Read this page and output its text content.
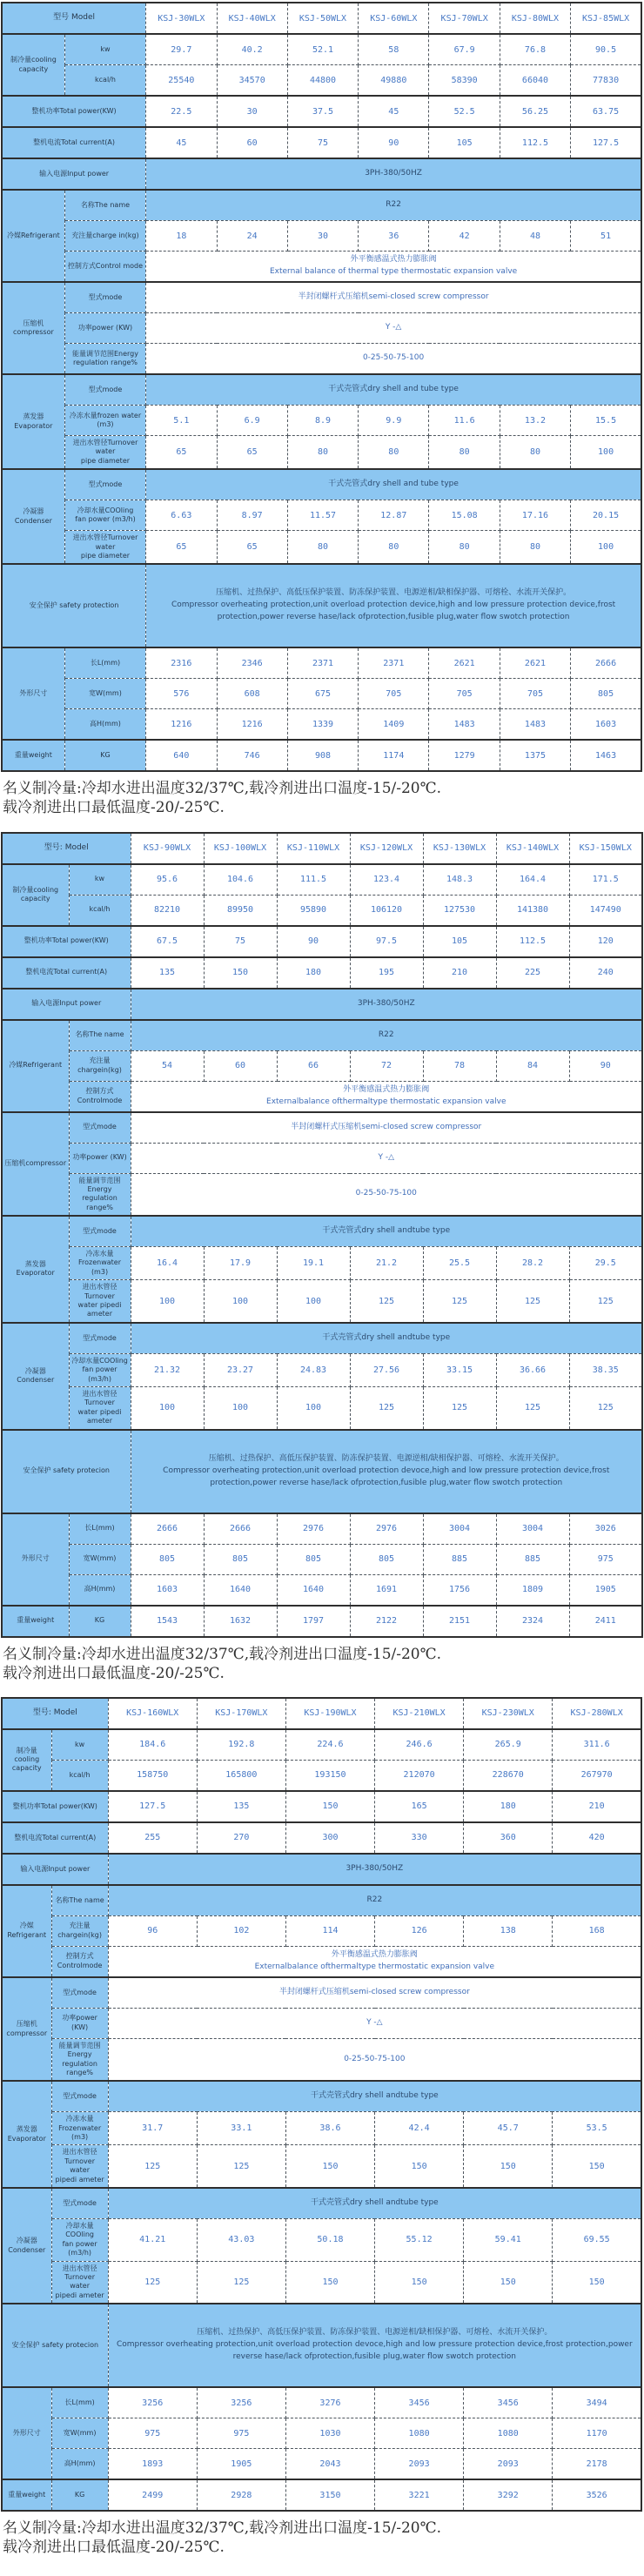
型号 Model		KSJ-30WLX	KSJ-40WLX	KSJ-50WLX	KSJ-60WLX	KSJ-70WLX	KSJ-80WLX	KSJ-85WLX
制冷量cooling
capacity	kw	29.7	40.2	52.1	58	67.9	76.8	90.5
	kcal/h	25540	34570	44800	49880	58390	66040	77830
整机功率Total power(KW)		22.5	30	37.5	45	52.5	56.25	63.75
整机电流Total current(A)		45	60	75	90	105	112.5	127.5
输入电源Input power		3PH-380/50HZ						
冷媒Refrigerant	名称The name	R22						
	充注量charge in(kg)	18	24	30	36	42	48	51
	控制方式Control mode	外平衡感温式热力膨胀阀
External balance of thermal type thermostatic expansion valve						
压缩机compressor	型式mode	半封闭螺杆式压缩机semi-closed screw compressor						
	功率power (KW)	Y -△						
	能量调节范围Energy
regulation range%	0-25-50-75-100						
蒸发器
Evaporator	型式mode	干式壳管式dry shell and tube type						
	冷冻水量frozen water (m3)	5.1	6.9	8.9	9.9	11.6	13.2	15.5
	进出水管径Turnover water
pipe diameter	65	65	80	80	80	80	100
冷凝器
Condenser	型式mode	干式壳管式dry shell and tube type						
	冷却水量COOling
fan power (m3/h)	6.63	8.97	11.57	12.87	15.08	17.16	20.15
	进出水管径Turnover water
pipe diameter	65	65	80	80	80	80	100
安全保护 safety protection		压缩机、过热保护、高低压保护装置、防冻保护装置、电源逆相/缺相保护器、可熔栓、水流开关保护。
Compressor overheating protection,unit overload protection device,high and low pressure protection device,frost protection,power reverse hase/lack ofprotection,fusible plug,water flow swotch protection						
外形尺寸	长L(mm)	2316	2346	2371	2371	2621	2621	2666
	宽W(mm)	576	608	675	705	705	705	805
	高H(mm)	1216	1216	1339	1409	1483	1483	1603
重量weight	KG	640	746	908	1174	1279	1375	1463

名义制冷量:冷却水进出温度32/37℃,载冷剂进出口温度-15/-20℃.
载冷剂进出口最低温度-20/-25℃.

型号: Model		KSJ-90WLX	KSJ-100WLX	KSJ-110WLX	KSJ-120WLX	KSJ-130WLX	KSJ-140WLX	KSJ-150WLX
制冷量cooling
capacity	kw	95.6	104.6	111.5	123.4	148.3	164.4	171.5
	kcal/h	82210	89950	95890	106120	127530	141380	147490
整机功率Total power(KW)		67.5	75	90	97.5	105	112.5	120
整机电流Total current(A)		135	150	180	195	210	225	240
输入电源Input power		3PH-380/50HZ						
冷媒Refrigerant	名称The name	R22						
	充注量chargein(kg)	54	60	66	72	78	84	90
	控制方式Controlmode	外平衡感温式热力膨胀阀
Externalbalance ofthermaltype thermostatic expansion valve						
压缩机compressor	型式mode	半封闭螺杆式压缩机semi-closed screw compressor						
	功率power (KW)	Y -△						
	能量调节范围
Energy
regulation
range%	0-25-50-75-100						
蒸发器
Evaporator	型式mode	干式壳管式dry shell andtube type						
	冷冻水量
Frozenwater (m3)	16.4	17.9	19.1	21.2	25.5	28.2	29.5
	进出水管径Turnover
water pipedi
ameter	100	100	100	125	125	125	125
冷凝器
Condenser	型式mode	干式壳管式dry shell andtube type						
	冷却水量COOling
fan power (m3/h)	21.32	23.27	24.83	27.56	33.15	36.66	38.35
	进出水管径Turnover
water pipedi
ameter	100	100	100	125	125	125	125
安全保护 safety protecion		压缩机、过热保护、高低压保护装置、防冻保护装置、电源逆相/缺相保护器、可熔栓、水流开关保护。
Compressor overheating protection,unit overload protection devoce,high and low pressure protection device,frost protection,power reverse hase/lack ofprotection,fusible plug,water flow swotch protection						
外形尺寸	长L(mm)	2666	2666	2976	2976	3004	3004	3026
	宽W(mm)	805	805	805	805	885	885	975
	高H(mm)	1603	1640	1640	1691	1756	1809	1905
重量weight	KG	1543	1632	1797	2122	2151	2324	2411

名义制冷量:冷却水进出温度32/37℃,载冷剂进出口温度-15/-20℃.
载冷剂进出口最低温度-20/-25℃.

型号: Model		KSJ-160WLX	KSJ-170WLX	KSJ-190WLX	KSJ-210WLX	KSJ-230WLX	KSJ-280WLX
制冷量
cooling
capacity	kw	184.6	192.8	224.6	246.6	265.9	311.6
	kcal/h	158750	165800	193150	212070	228670	267970
整机功率Total power(KW)		127.5	135	150	165	180	210
整机电流Total current(A)		255	270	300	330	360	420
输入电源Input power		3PH-380/50HZ					
冷媒
Refrigerant	名称The name	R22					
	充注量
chargein(kg)	96	102	114	126	138	168
	控制方式
Controlmode	外平衡感温式热力膨胀阀
Externalbalance ofthermaltype thermostatic expansion valve					
压缩机
compressor	型式mode	半封闭螺杆式压缩机semi-closed screw compressor					
	功率power
(KW)	Y -△					
	能量调节范围
Energy
regulation
range%	0-25-50-75-100					
蒸发器
Evaporator	型式mode	干式壳管式dry shell andtube type					
	冷冻水量
Frozenwater
(m3)	31.7	33.1	38.6	42.4	45.7	53.5
	进出水管径
Turnover water
pipedi ameter	125	125	150	150	150	150
冷凝器
Condenser	型式mode	干式壳管式dry shell andtube type					
	冷却水量COOling
fan power
(m3/h)	41.21	43.03	50.18	55.12	59.41	69.55
	进出水管径
Turnover water
pipedi ameter	125	125	150	150	150	150
安全保护 safety protecion		压缩机、过热保护、高低压保护装置、防冻保护装置、电源逆相/缺相保护器、可熔栓、水流开关保护。
Compressor overheating protection,unit overload protection devoce,high and low pressure protection device,frost protection,power reverse hase/lack ofprotection,fusible plug,water flow swotch protection					
外形尺寸	长L(mm)	3256	3256	3276	3456	3456	3494
	宽W(mm)	975	975	1030	1080	1080	1170
	高H(mm)	1893	1905	2043	2093	2093	2178
重量weight	KG	2499	2928	3150	3221	3292	3526

名义制冷量:冷却水进出温度32/37℃,载冷剂进出口温度-15/-20℃.
载冷剂进出口最低温度-20/-25℃.
